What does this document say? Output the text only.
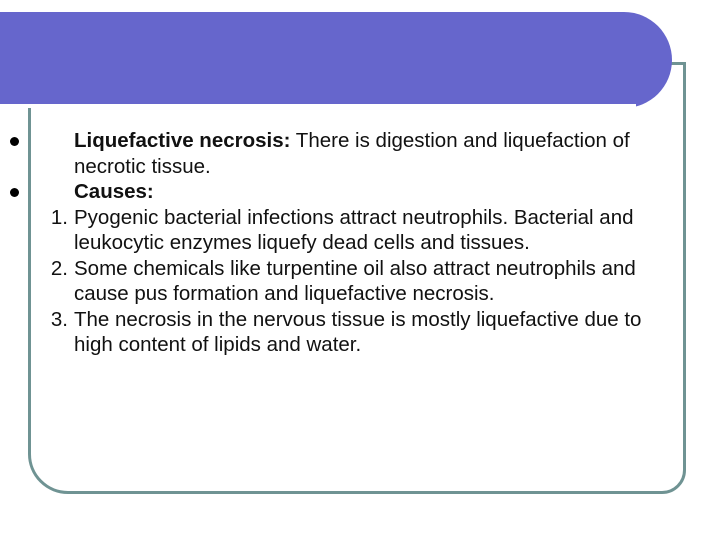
Liquefactive necrosis: There is digestion and liquefaction of necrotic tissue.
Causes:
1. Pyogenic bacterial infections attract neutrophils. Bacterial and leukocytic enzymes liquefy dead cells and tissues.
2. Some chemicals like turpentine oil also attract neutrophils and cause pus formation and liquefactive necrosis.
3. The necrosis in the nervous tissue is mostly liquefactive due to high content of lipids and water.
